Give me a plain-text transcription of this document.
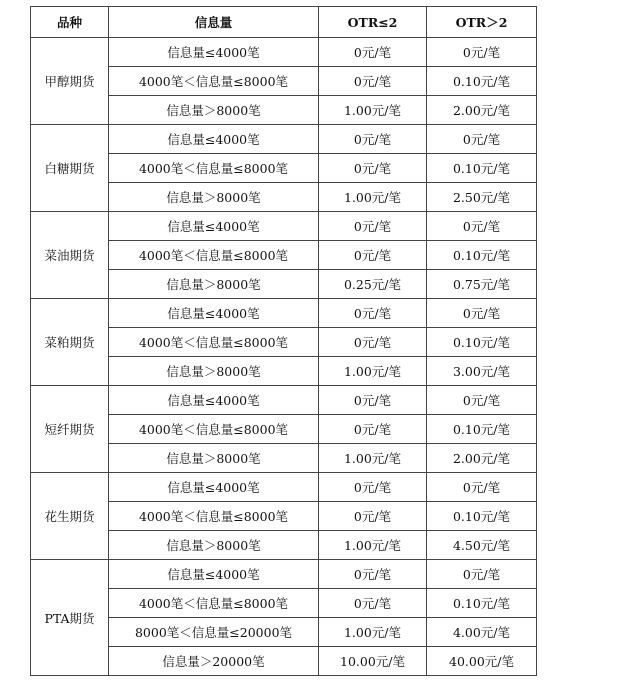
品种	信息量	OTR≤2	OTR＞2
甲醇期货	信息量≤4000笔	0元/笔	0元/笔
	4000笔＜信息量≤8000笔	0元/笔	0.10元/笔
	信息量＞8000笔	1.00元/笔	2.00元/笔
白糖期货	信息量≤4000笔	0元/笔	0元/笔
	4000笔＜信息量≤8000笔	0元/笔	0.10元/笔
	信息量＞8000笔	1.00元/笔	2.50元/笔
菜油期货	信息量≤4000笔	0元/笔	0元/笔
	4000笔＜信息量≤8000笔	0元/笔	0.10元/笔
	信息量＞8000笔	0.25元/笔	0.75元/笔
菜粕期货	信息量≤4000笔	0元/笔	0元/笔
	4000笔＜信息量≤8000笔	0元/笔	0.10元/笔
	信息量＞8000笔	1.00元/笔	3.00元/笔
短纤期货	信息量≤4000笔	0元/笔	0元/笔
	4000笔＜信息量≤8000笔	0元/笔	0.10元/笔
	信息量＞8000笔	1.00元/笔	2.00元/笔
花生期货	信息量≤4000笔	0元/笔	0元/笔
	4000笔＜信息量≤8000笔	0元/笔	0.10元/笔
	信息量＞8000笔	1.00元/笔	4.50元/笔
PTA期货	信息量≤4000笔	0元/笔	0元/笔
	4000笔＜信息量≤8000笔	0元/笔	0.10元/笔
	8000笔＜信息量≤20000笔	1.00元/笔	4.00元/笔
	信息量＞20000笔	10.00元/笔	40.00元/笔
